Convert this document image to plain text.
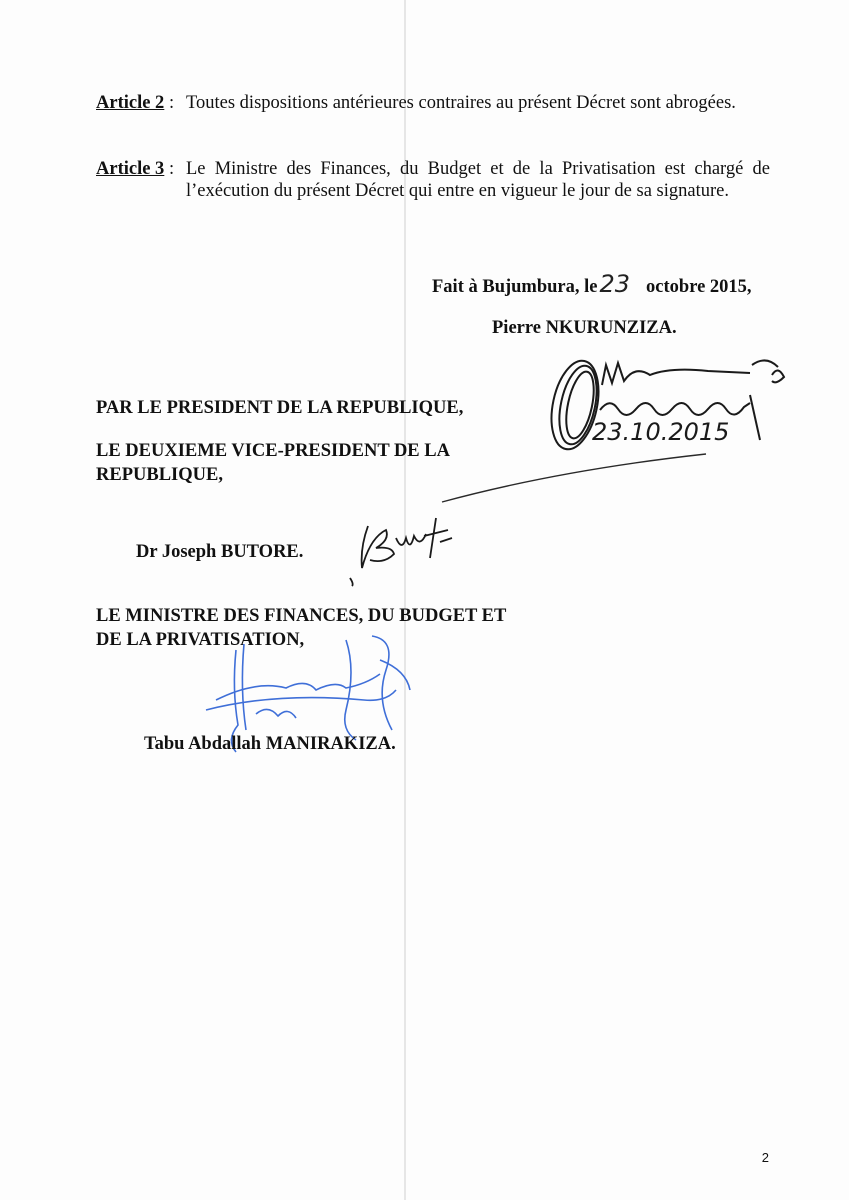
Article 2 : Toutes dispositions antérieures contraires au présent Décret sont abrogées.
Article 3 : Le Ministre des Finances, du Budget et de la Privatisation est chargé de l’exécution du présent Décret qui entre en vigueur le jour de sa signature.
Fait à Bujumbura, le23 octobre 2015,
Pierre NKURUNZIZA.
23.10.2015
PAR LE PRESIDENT DE LA REPUBLIQUE,
LE DEUXIEME VICE-PRESIDENT DE LA
REPUBLIQUE,
Dr Joseph BUTORE.
LE MINISTRE DES FINANCES, DU BUDGET ET
DE LA PRIVATISATION,
Tabu Abdallah MANIRAKIZA.
2
